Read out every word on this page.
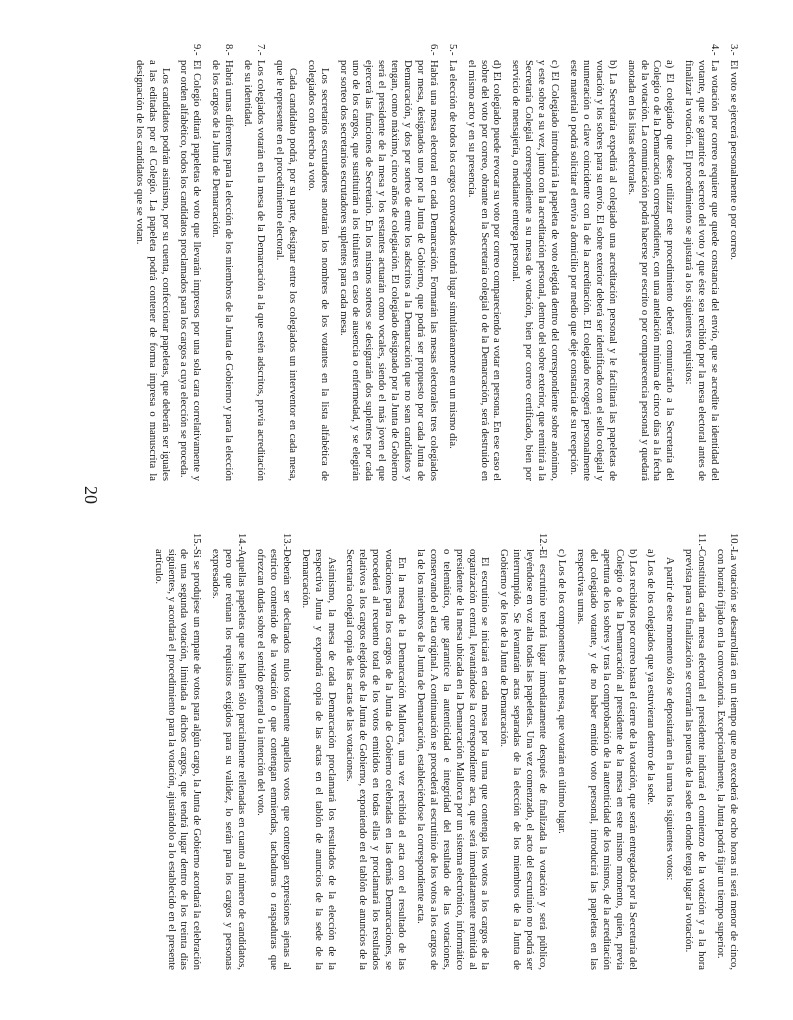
3.-
El voto se ejercerá personalmente o por correo.
4.-
La votación por correo requiere que quede constancia del envío, que se acredite la identidad del votante, que se garantice el secreto del voto y que éste sea recibido por la mesa electoral antes de finalizar la votación. El procedimiento se ajustará a los siguientes requisitos:
a) El colegiado que desee utilizar este procedimiento deberá comunicarlo a la Secretaría del Colegio o de la Demarcación correspondiente, con una antelación mínima de cinco días a la fecha de la votación. La comunicación podrá hacerse por escrito o por comparecencia personal y quedará anotada en las listas electorales.
b) La Secretaría expedirá al colegiado una acreditación personal y le facilitará las papeletas de votación y los sobres para su envío. El sobre exterior deberá ser identificado con el sello colegial y numeración o clave coincidente con la de la acreditación. El colegiado recogerá personalmente este material o podrá solicitar el envío a domicilio por medio que deje constancia de su recepción.
c) El Colegiado introducirá la papeleta de voto elegida dentro del correspondiente sobre anónimo, y este sobre a su vez, junto con la acreditación personal, dentro del sobre exterior, que remitirá a la Secretaría Colegial correspondiente a su mesa de votación, bien por correo certificado, bien por servicio de mensajería, o mediante entrega personal.
d) El colegiado puede revocar su voto por correo compareciendo a votar en persona. En ese caso el sobre del voto por correo, obrante en la Secretaría colegial o de la Demarcación, será destruido en el mismo acto y en su presencia.
5.-
La elección de todos los cargos convocados tendrá lugar simultáneamente en un mismo día.
6.-
Habrá una mesa electoral en cada Demarcación. Formarán las mesas electorales tres colegiados por mesa, designados uno por la Junta de Gobierno, que podrá ser propuesto por cada Junta de Demarcación, y dos por sorteo de entre los adscritos a la Demarcación que no sean candidatos y tengan, como máximo, cinco años de colegiación. El colegiado designado por la Junta de Gobierno será el presidente de la mesa y los restantes actuarán como vocales, siendo el más joven el que ejercerá las funciones de Secretario. En los mismos sorteos se designarán dos suplentes por cada uno de los cargos, que sustituirán a los titulares en caso de ausencia o enfermedad, y se elegirán por sorteo dos secretarios escrutadores suplentes para cada mesa.
Los secretarios escrutadores anotarán los nombres de los votantes en la lista alfabética de colegiados con derecho a voto.
Cada candidato podrá, por su parte, designar entre los colegiados un interventor en cada mesa, que le represente en el procedimiento electoral.
7.-
Los colegiados votarán en la mesa de la Demarcación a la que estén adscritos, previa acreditación de su identidad.
8.-
Habrá urnas diferentes para la elección de los miembros de la Junta de Gobierno y para la elección de los cargos de la Junta de Demarcación.
9.-
El Colegio editará papeletas de voto que llevarán impresos por una sola cara correlativamente y por orden alfabético, todos los candidatos proclamados para los cargos a cuya elección se proceda.
Los candidatos podrán asimismo, por su cuenta, confeccionar papeletas, que deberán ser iguales a las editadas por el Colegio. La papeleta podrá contener de forma impresa o manuscrita la designación de los candidatos que se votan.
10.-
La votación se desarrollará en un tiempo que no excederá de ocho horas ni será menor de cinco, con horario fijado en la convocatoria. Excepcionalmente, la Junta podrá fijar un tiempo superior.
11.-
Constituida cada mesa electoral el presidente indicará el comienzo de la votación y a la hora prevista para su finalización se cerrarán las puertas de la sede en donde tenga lugar la votación.
A partir de este momento sólo se depositarán en la urna los siguientes votos:
a) Los de los colegiados que ya estuvieran dentro de la sede.
b) Los recibidos por correo hasta el cierre de la votación, que serán entregados por la Secretaría del Colegio o de la Demarcación al presidente de la mesa en este mismo momento, quien, previa apertura de los sobres y tras la comprobación de la autenticidad de los mismos, de la acreditación del colegiado votante, y de no haber emitido voto personal, introducirá las papeletas en las respectivas urnas.
c) Los de los componentes de la mesa, que votarán en último lugar.
12.-
El escrutinio tendrá lugar inmediatamente después de finalizada la votación y será público, leyéndose en voz alta todas las papeletas. Una vez comenzado, el acto del escrutinio no podrá ser interrumpido. Se levantarán actas separadas de la elección de los miembros de la Junta de Gobierno y de los de la Junta de Demarcación.
El escrutinio se iniciará en cada mesa por la urna que contenga los votos a los cargos de la organización central, levantándose la correspondiente acta, que será inmediatamente remitida al presidente de la mesa ubicada en la Demarcación Mallorca por un sistema electrónico, informático o telemático, que garantice la autenticidad e integridad del resultado de las votaciones, conservando el acta original. A continuación se procederá al escrutinio de los votos a los cargos de la de los miembros de la Junta de Demarcación, estableciéndose la correspondiente acta.
En la mesa de la Demarcación Mallorca, una vez recibida el acta con el resultado de las votaciones para los cargos de la Junta de Gobierno celebradas en las demás Demarcaciones, se procederá al recuento total de los votos emitidos en todas ellas y proclamará los resultados relativos a los cargos elegidos de la Junta de Gobierno, exponiendo en el tablón de anuncios de la Secretaría colegial copia de las actas de las votaciones.
Asimismo, la mesa de cada Demarcación proclamará los resultados de la elección de la respectiva Junta y expondrá copia de las actas en el tablón de anuncios de la sede de la Demarcación.
13.-
Deberán ser declarados nulos totalmente aquellos votos que contengan expresiones ajenas al estricto contenido de la votación o que contengan enmiendas, tachaduras o raspaduras que ofrezcan dudas sobre el sentido general o la intención del voto.
14.-
Aquellas papeletas que se hallen sólo parcialmente rellenadas en cuanto al número de candidatos, pero que reúnan los requisitos exigidos para su validez, lo serán para los cargos y personas expresados.
15.-
Si se produjese un empate de votos para algún cargo, la Junta de Gobierno acordará la celebración de una segunda votación, limitada a dichos cargos, que tendrá lugar dentro de los treinta días siguientes, y acordará el procedimiento para la votación, ajustándolo a lo establecido en el presente artículo.
20
